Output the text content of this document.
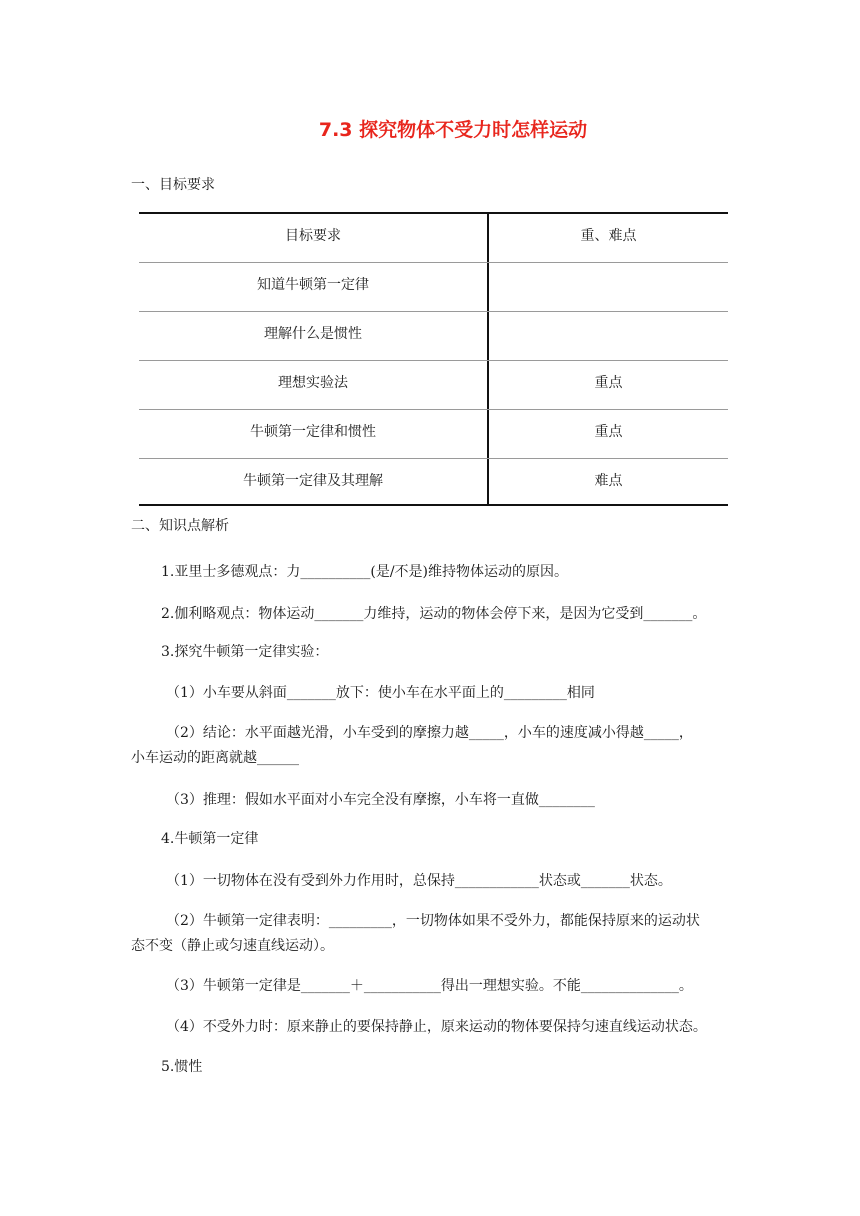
7.3 探究物体不受力时怎样运动
一、目标要求
目标要求	重、难点
知道牛顿第一定律
理解什么是惯性
理想实验法	重点
牛顿第一定律和惯性	重点
牛顿第一定律及其理解	难点
二、知识点解析
1.亚里士多德观点：力__________(是/不是)维持物体运动的原因。
2.伽利略观点：物体运动_______力维持，运动的物体会停下来，是因为它受到_______。
3.探究牛顿第一定律实验：
（1）小车要从斜面_______放下：使小车在水平面上的_________相同
（2）结论：水平面越光滑，小车受到的摩擦力越_____，小车的速度减小得越_____，
小车运动的距离就越______
（3）推理：假如水平面对小车完全没有摩擦，小车将一直做________
4.牛顿第一定律
（1）一切物体在没有受到外力作用时，总保持____________状态或_______状态。
（2）牛顿第一定律表明：_________，一切物体如果不受外力，都能保持原来的运动状
态不变（静止或匀速直线运动）。
（3）牛顿第一定律是_______＋___________得出一理想实验。不能______________。
（4）不受外力时：原来静止的要保持静止，原来运动的物体要保持匀速直线运动状态。
5.惯性
